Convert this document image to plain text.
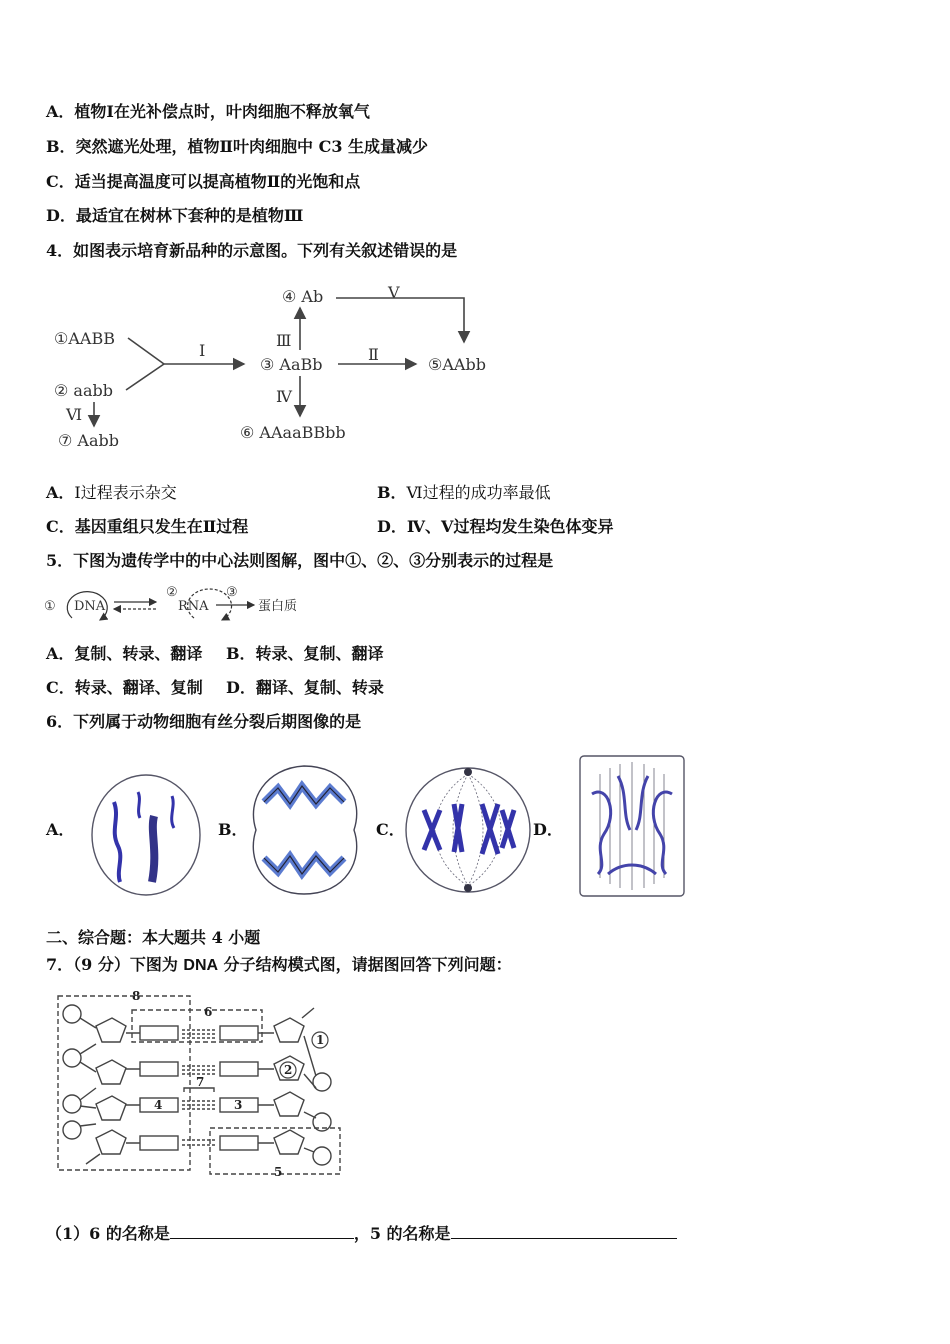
A．植物Ⅰ在光补偿点时，叶肉细胞不释放氧气
B．突然遮光处理，植物Ⅱ叶肉细胞中 C3 生成量减少
C．适当提高温度可以提高植物Ⅱ的光饱和点
D．最适宜在树林下套种的是植物Ⅲ
4．如图表示培育新品种的示意图。下列有关叙述错误的是
①AABB
② aabb
⑦ Aabb
③ AaBb
④ Ab
⑤AAbb
⑥ AAaaBBbb
Ⅰ	Ⅱ
Ⅲ
Ⅳ
Ⅴ
Ⅵ
A．Ⅰ过程表示杂交	B．Ⅵ过程的成功率最低
C．基因重组只发生在Ⅱ过程	D．Ⅳ、Ⅴ过程均发生染色体变异
5．下图为遗传学中的中心法则图解，图中①、②、③分别表示的过程是
① DNA
②
RNA
③
蛋白质
A．复制、转录、翻译 B．转录、复制、翻译
C．转录、翻译、复制 D．翻译、复制、转录
6．下列属于动物细胞有丝分裂后期图像的是
A．	B．	C．	D．
二、综合题：本大题共 4 小题
7．（9 分）下图为 DNA 分子结构模式图，请据图回答下列问题：
8
6
1
2
7
4	3
5
（1）6 的名称是	，5 的名称是
